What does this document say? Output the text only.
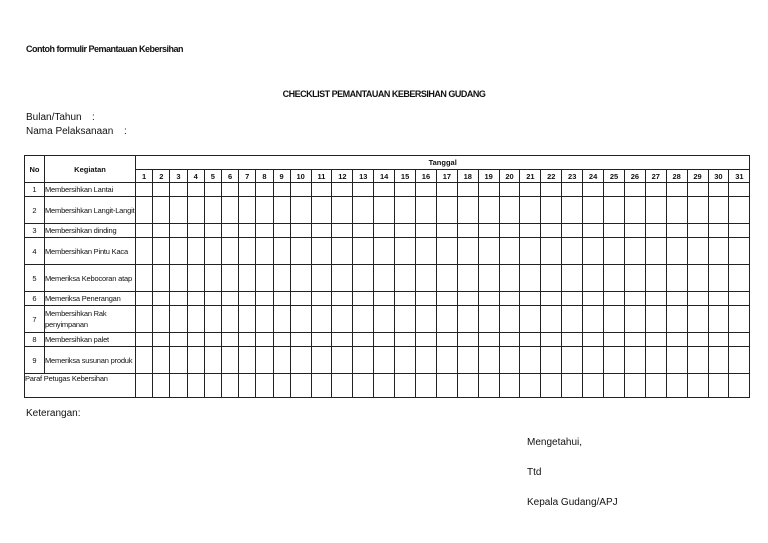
Contoh formulir Pemantauan Kebersihan
CHECKLIST PEMANTAUAN KEBERSIHAN GUDANG
Bulan/Tahun :
Nama Pelaksanaan :
No	Kegiatan	Tanggal																														
		1	2	3	4	5	6	7	8	9	10	11	12	13	14	15	16	17	18	19	20	21	22	23	24	25	26	27	28	29	30	31
1	Membersihkan Lantai																															
2	Membersihkan Langit-Langit																															
3	Membersihkan dinding																															
4	Membersihkan Pintu Kaca																															
5	Memeriksa Kebocoran atap																															
6	Memeriksa Penerangan																															
7	Membersihkan Rak penyimpanan																															
8	Membersihkan palet																															
9	Memeriksa susunan produk																															
Paraf Petugas Kebersihan																																
Keterangan:
Mengetahui,
Ttd
Kepala Gudang/APJ
